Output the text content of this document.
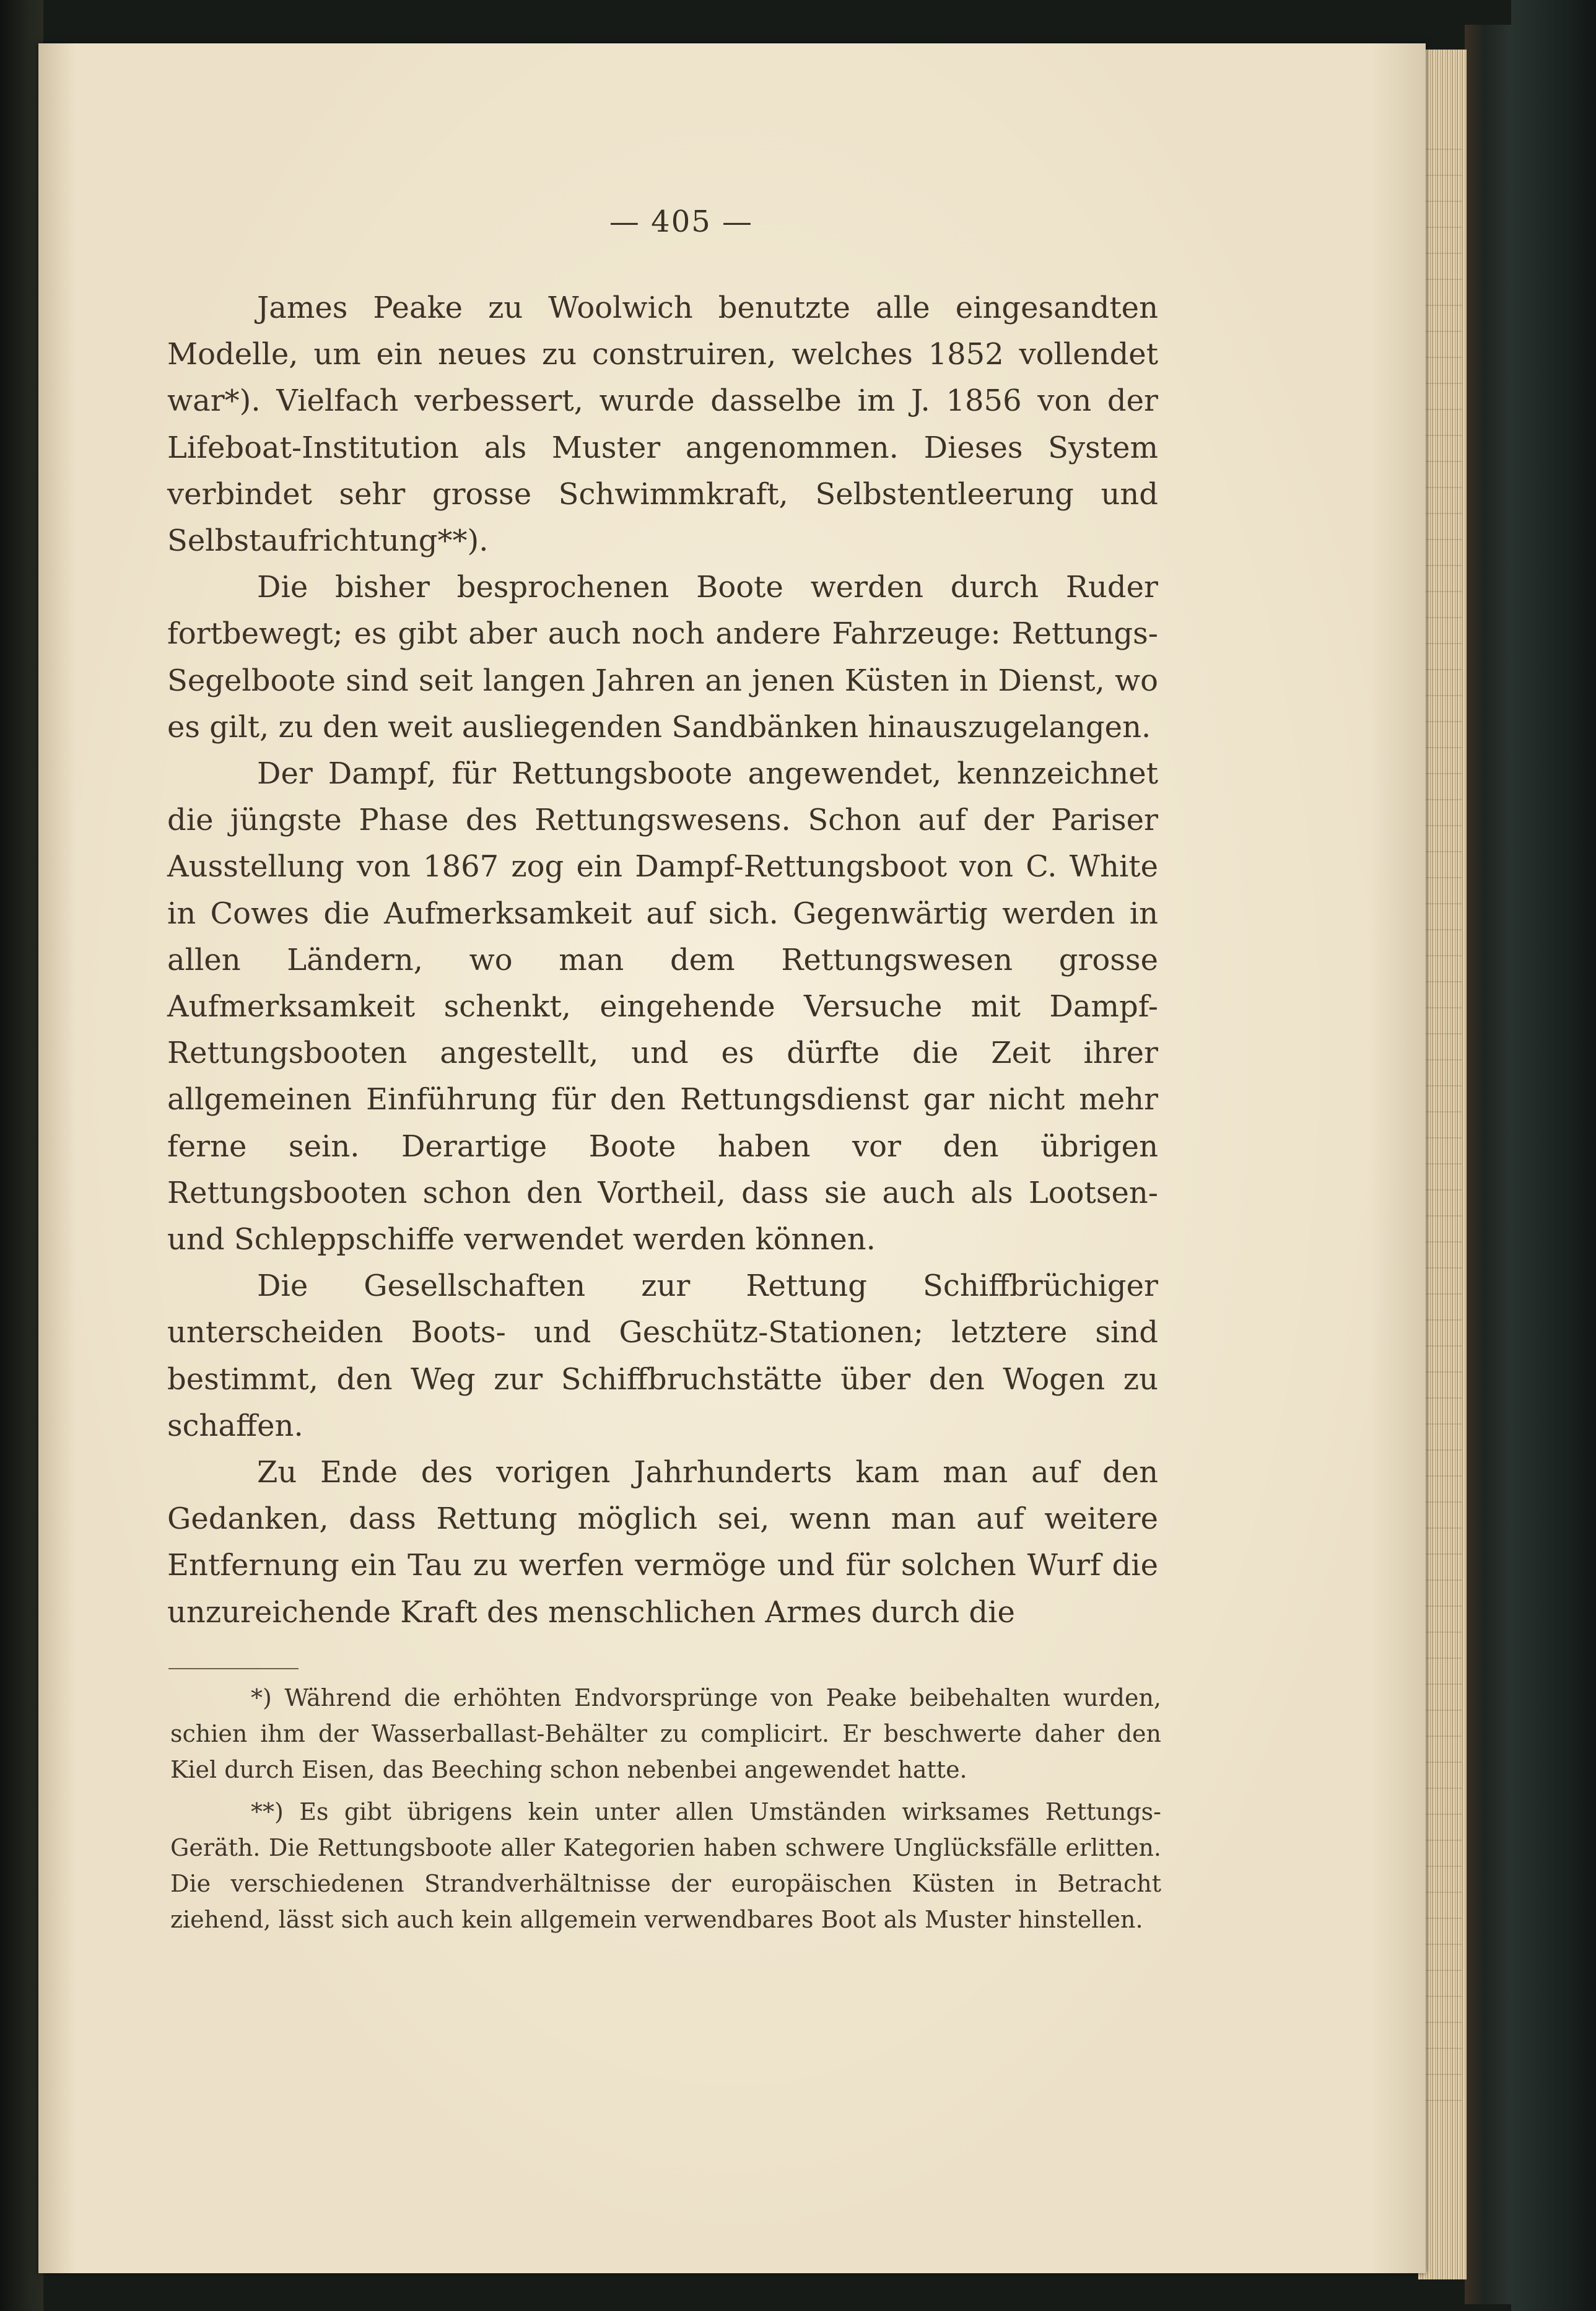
— 405 —

James Peake zu Woolwich benutzte alle eingesandten Modelle, um ein neues zu construiren, welches 1852 vollendet war*). Vielfach verbessert, wurde dasselbe im J. 1856 von der Lifeboat-Institution als Muster angenommen. Dieses System verbindet sehr grosse Schwimmkraft, Selbstentleerung und Selbstaufrichtung**).

Die bisher besprochenen Boote werden durch Ruder fortbewegt; es gibt aber auch noch andere Fahrzeuge: Rettungs-Segelboote sind seit langen Jahren an jenen Küsten in Dienst, wo es gilt, zu den weit ausliegenden Sandbänken hinauszugelangen.

Der Dampf, für Rettungsboote angewendet, kennzeichnet die jüngste Phase des Rettungswesens. Schon auf der Pariser Ausstellung von 1867 zog ein Dampf-Rettungsboot von C. White in Cowes die Aufmerksamkeit auf sich. Gegenwärtig werden in allen Ländern, wo man dem Rettungswesen grosse Aufmerksamkeit schenkt, eingehende Versuche mit Dampf-Rettungsbooten angestellt, und es dürfte die Zeit ihrer allgemeinen Einführung für den Rettungsdienst gar nicht mehr ferne sein. Derartige Boote haben vor den übrigen Rettungsbooten schon den Vortheil, dass sie auch als Lootsen- und Schleppschiffe verwendet werden können.

Die Gesellschaften zur Rettung Schiffbrüchiger unterscheiden Boots- und Geschütz-Stationen; letztere sind bestimmt, den Weg zur Schiffbruchstätte über den Wogen zu schaffen.

Zu Ende des vorigen Jahrhunderts kam man auf den Gedanken, dass Rettung möglich sei, wenn man auf weitere Entfernung ein Tau zu werfen vermöge und für solchen Wurf die unzureichende Kraft des menschlichen Armes durch die

*) Während die erhöhten Endvorsprünge von Peake beibehalten wurden, schien ihm der Wasserballast-Behälter zu complicirt. Er beschwerte daher den Kiel durch Eisen, das Beeching schon nebenbei angewendet hatte.

**) Es gibt übrigens kein unter allen Umständen wirksames Rettungs-Geräth. Die Rettungsboote aller Kategorien haben schwere Unglücksfälle erlitten. Die verschiedenen Strandverhältnisse der europäischen Küsten in Betracht ziehend, lässt sich auch kein allgemein verwendbares Boot als Muster hinstellen.
